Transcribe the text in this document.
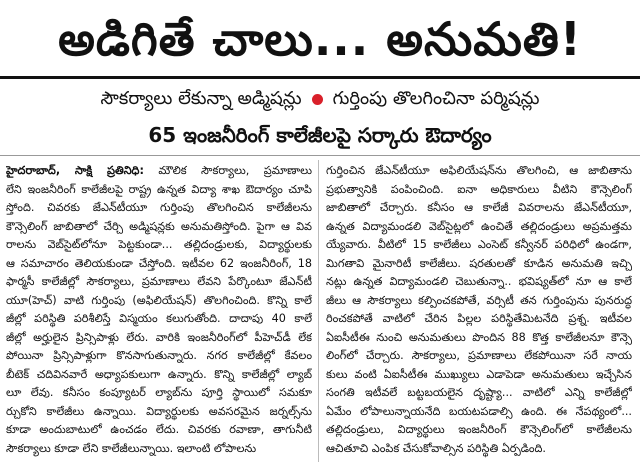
అడిగితే చాలు... అనుమతి!
సౌకర్యాలు లేకున్నా అడ్మిషన్లు గుర్తింపు తొలగించినా పర్మిషన్లు
65 ఇంజనీరింగ్ కాలేజీలపై సర్కారు ఔదార్యం
హైదరాబాద్, సాక్షి ప్రతినిధి: మౌలిక సౌకర్యాలు, ప్రమాణాలు
లేని ఇంజనీరింగ్ కాలేజీలపై రాష్ట్ర ఉన్నత విద్యా శాఖ ఔదార్యం చూపి
స్తోంది. చివరకు జేఎన్‌టీయూ గుర్తింపు తొలగించిన కాలేజీలను
కౌన్సెలింగ్ జాబితాలో చేర్చి అడ్మిషన్లకు అనుమతిస్తోంది. పైగా ఆ వివ
రాలను వెబ్‌సైట్‌లోనూ పెట్టకుండా... తల్లిదండ్రులకు, విద్యార్థులకు
ఆ సమాచారం తెలియకుండా చేస్తోంది. ఇటీవల 62 ఇంజనీరింగ్, 18
ఫార్మసీ కాలేజీల్లో సౌకర్యాలు, ప్రమాణాలు లేవని పేర్కొంటూ జేఎన్‌టీ
యూ(హెచ్) వాటి గుర్తింపు (అఫిలియేషన్) తొలగించింది. కొన్ని కాలే
జీల్లో పరిస్థితి పరిశీలిస్తే విస్మయం కలుగుతోంది. దాదాపు 40 కాలే
జీల్లో అర్హులైన ప్రిన్సిపాళ్లు లేరు. వారికి ఇంజనీరింగ్‌లో పీహెచ్‌డీ లేక
పోయినా ప్రిన్సిపాళ్లుగా కొనసాగుతున్నారు. నగర కాలేజీల్లో కేవలం
బీటెక్ చదివినవారే అధ్యాపకులుగా ఉన్నారు. కొన్ని కాలేజీల్లో ల్యాబ్‌
లూ లేవు. కనీసం కంప్యూటర్ ల్యాబ్‌ను పూర్తి స్థాయిలో సమకూ
ర్చుకోని కాలేజీలు ఉన్నాయి. విద్యార్థులకు అవసరమైన జర్నల్స్‌ను
కూడా అందుబాటులో ఉంచడం లేదు. చివరకు రవాణా, తాగునీటి
సౌకర్యాలు కూడా లేని కాలేజీలున్నాయి. ఇలాంటి లోపాలను
గుర్తించిన జేఎన్‌టీయూ అఫిలియేషన్‌ను తొలగించి, ఆ జాబితాను
ప్రభుత్వానికి పంపించింది. ఐనా అధికారులు వీటిని కౌన్సెలింగ్
జాబితాలో చేర్చారు. కనీసం ఆ కాలేజీ వివరాలను జేఎన్‌టీయూ,
ఉన్నత విద్యామండలి వెబ్‌సైట్లలో ఉంచితే తల్లిదండ్రులు అప్రమత్తమ
య్యేవారు. వీటిలో 15 కాలేజీలు ఎంసెట్ కన్వీనర్ పరిధిలో ఉండగా,
మిగతావి మైనారిటీ కాలేజీలు. షరతులతో కూడిన అనుమతి ఇచ్చి
నట్లు ఉన్నత విద్యామండలి చెబుతున్నా.. భవిష్యత్‌లో నూ ఆ కాలే
జీలు ఆ సౌకర్యాలు కల్పించకపోతే, వర్సిటీ తన గుర్తింపును పునరుద్ధ
రించకపోతే వాటిలో చేరిన పిల్లల పరిస్థితేమిటనేది ప్రశ్న. ఇటీవల
ఏఐసీటీఈ నుంచి అనుమతులు పొందిన 88 కొత్త కాలేజీలనూ కౌన్సె
లింగ్‌లో చేర్చారు. సౌకర్యాలు, ప్రమాణాలు లేకపోయినా సరే నాయ
కులు వంటి ఏఐసీటీఈ ముఖ్యులు ఎడాపెడా అనుమతులు ఇచ్చేసిన
సంగతి ఇటీవలే బట్టబయలైన దృష్ట్యా... వాటిలో ఎన్ని కాలేజీల్లో
ఏమేం లోపాలున్నాయనేది బయటపడాల్సి ఉంది. ఈ నేపథ్యంలో...
తల్లిదండ్రులు, విద్యార్థులు ఇంజనీరింగ్ కౌన్సెలింగ్‌లో కాలేజీలను
ఆచితూచి ఎంపిక చేసుకోవాల్సిన పరిస్థితి ఏర్పడింది.
